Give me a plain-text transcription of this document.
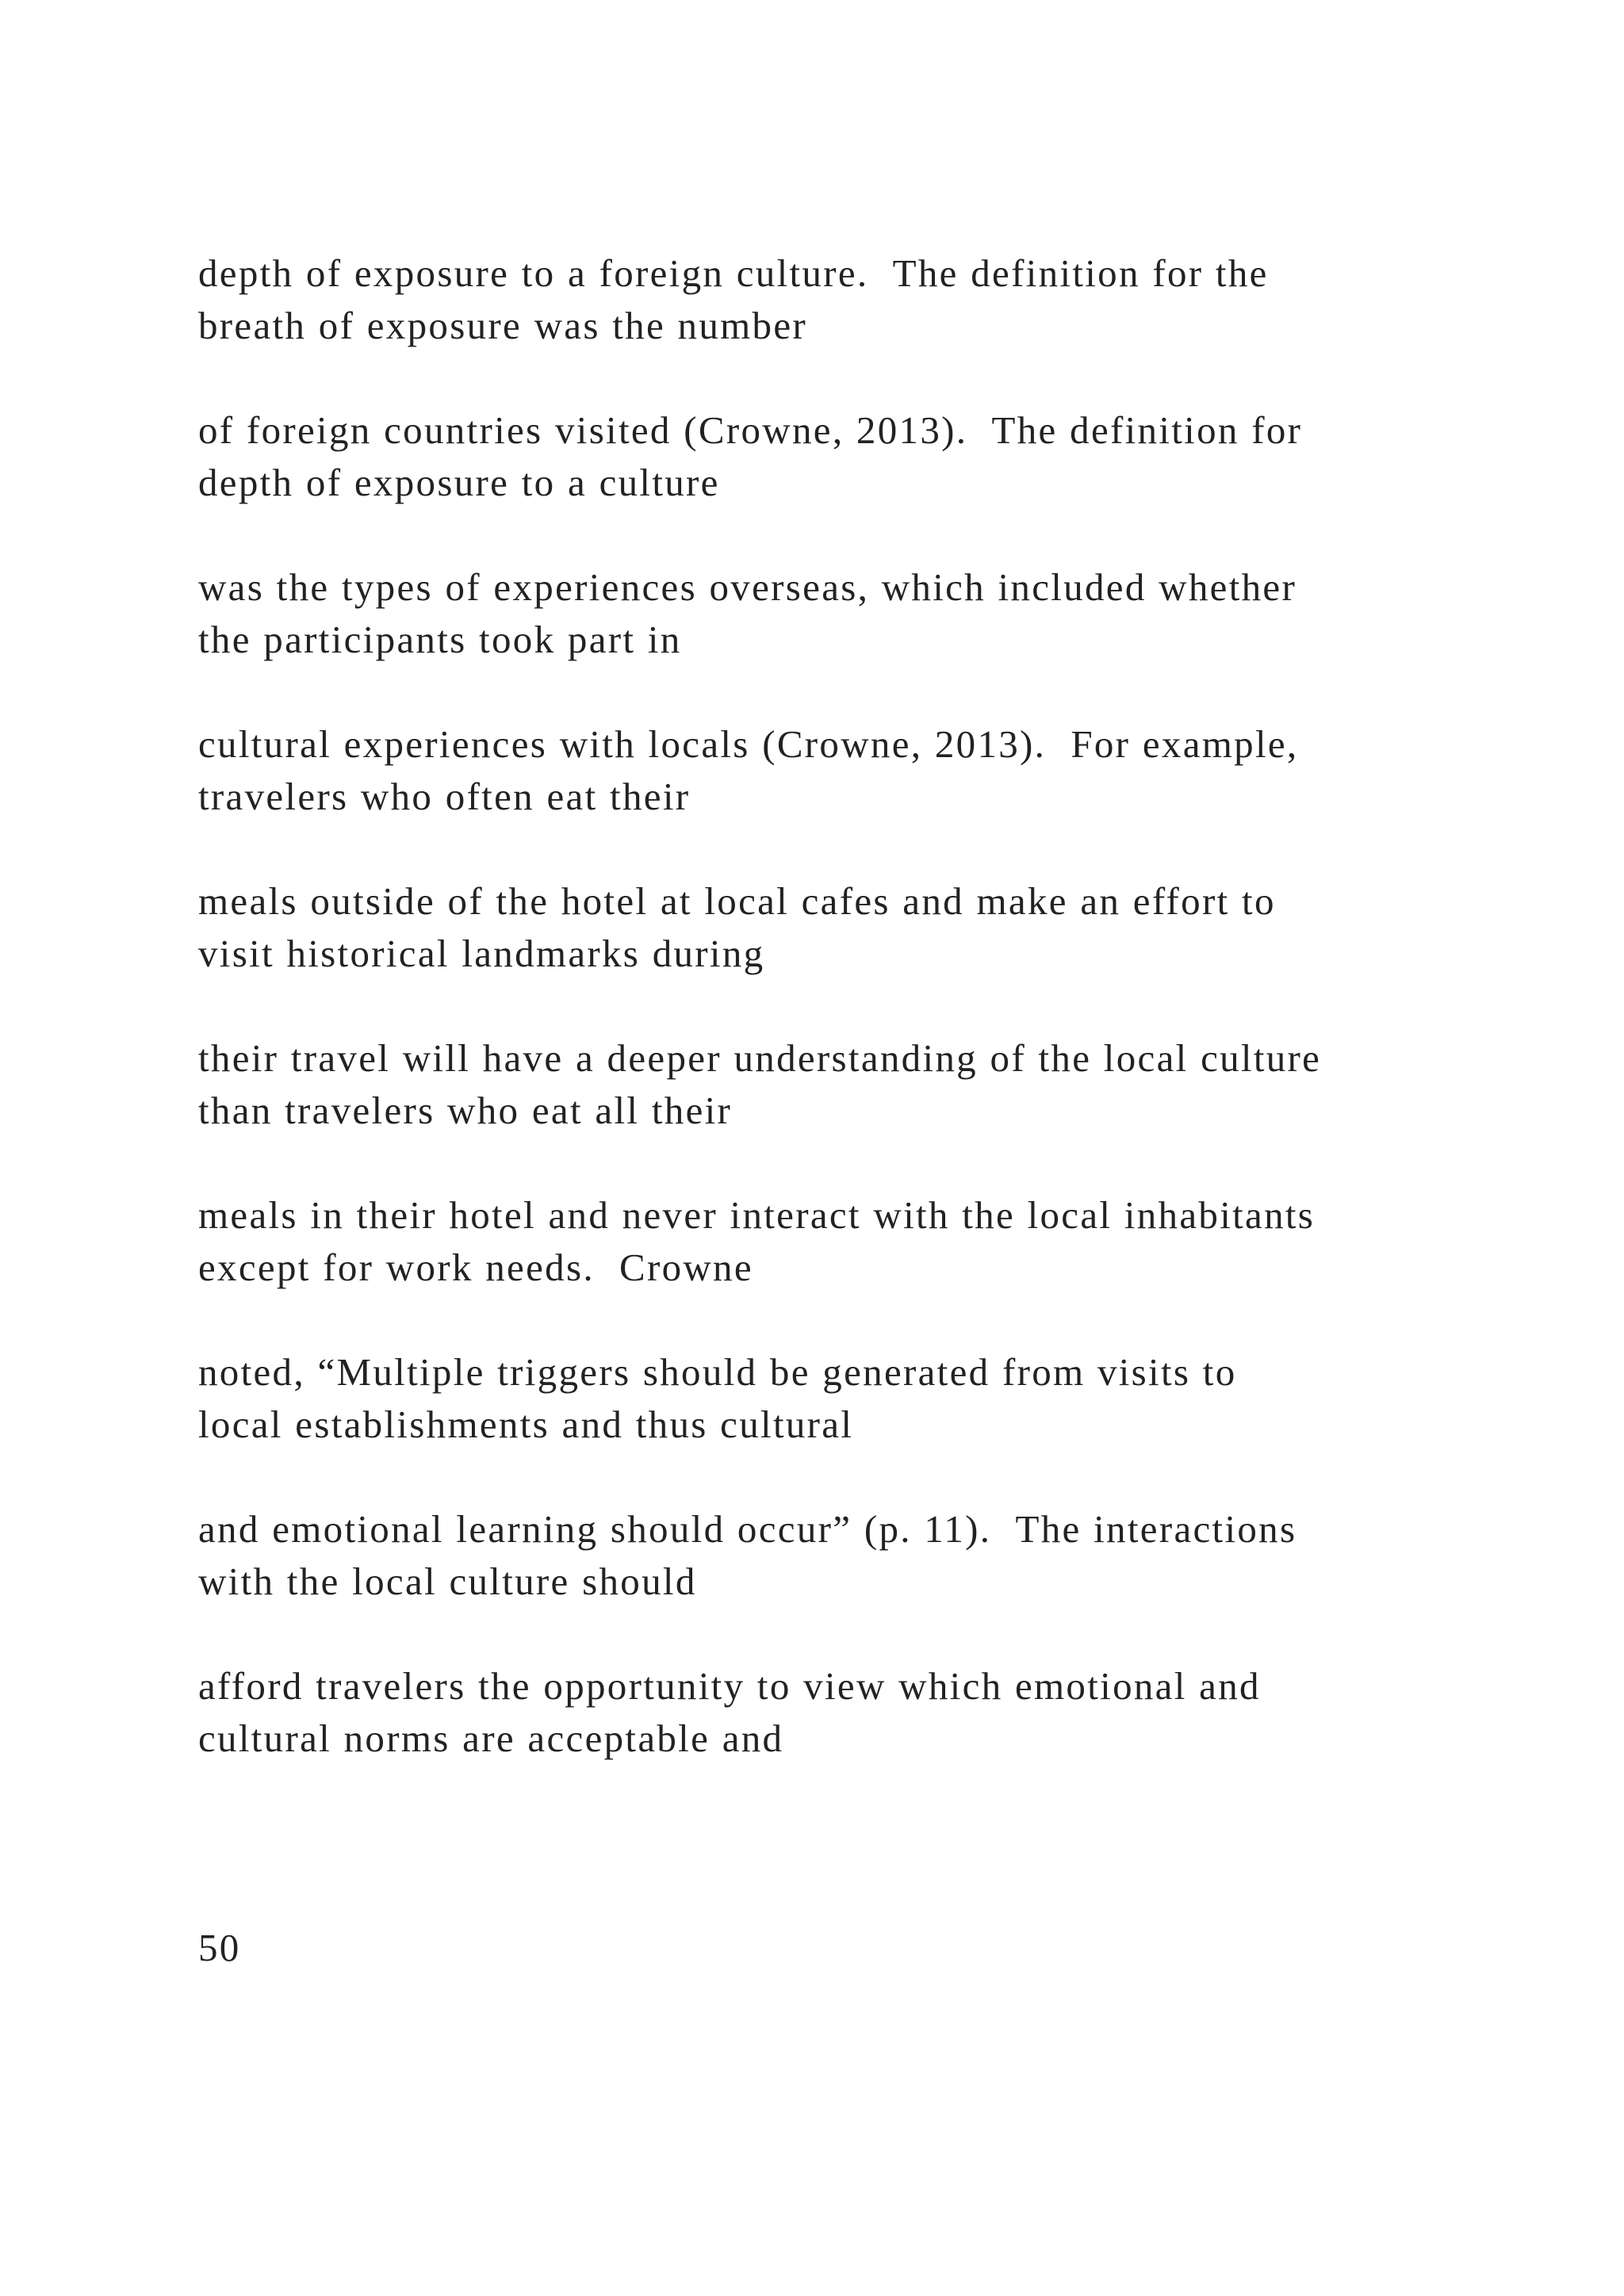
depth of exposure to a foreign culture.  The definition for the
breath of exposure was the number

of foreign countries visited (Crowne, 2013).  The definition for
depth of exposure to a culture

was the types of experiences overseas, which included whether
the participants took part in

cultural experiences with locals (Crowne, 2013).  For example,
travelers who often eat their

meals outside of the hotel at local cafes and make an effort to
visit historical landmarks during

their travel will have a deeper understanding of the local culture
than travelers who eat all their

meals in their hotel and never interact with the local inhabitants
except for work needs.  Crowne

noted, “Multiple triggers should be generated from visits to
local establishments and thus cultural

and emotional learning should occur” (p. 11).  The interactions
with the local culture should

afford travelers the opportunity to view which emotional and
cultural norms are acceptable and

50
